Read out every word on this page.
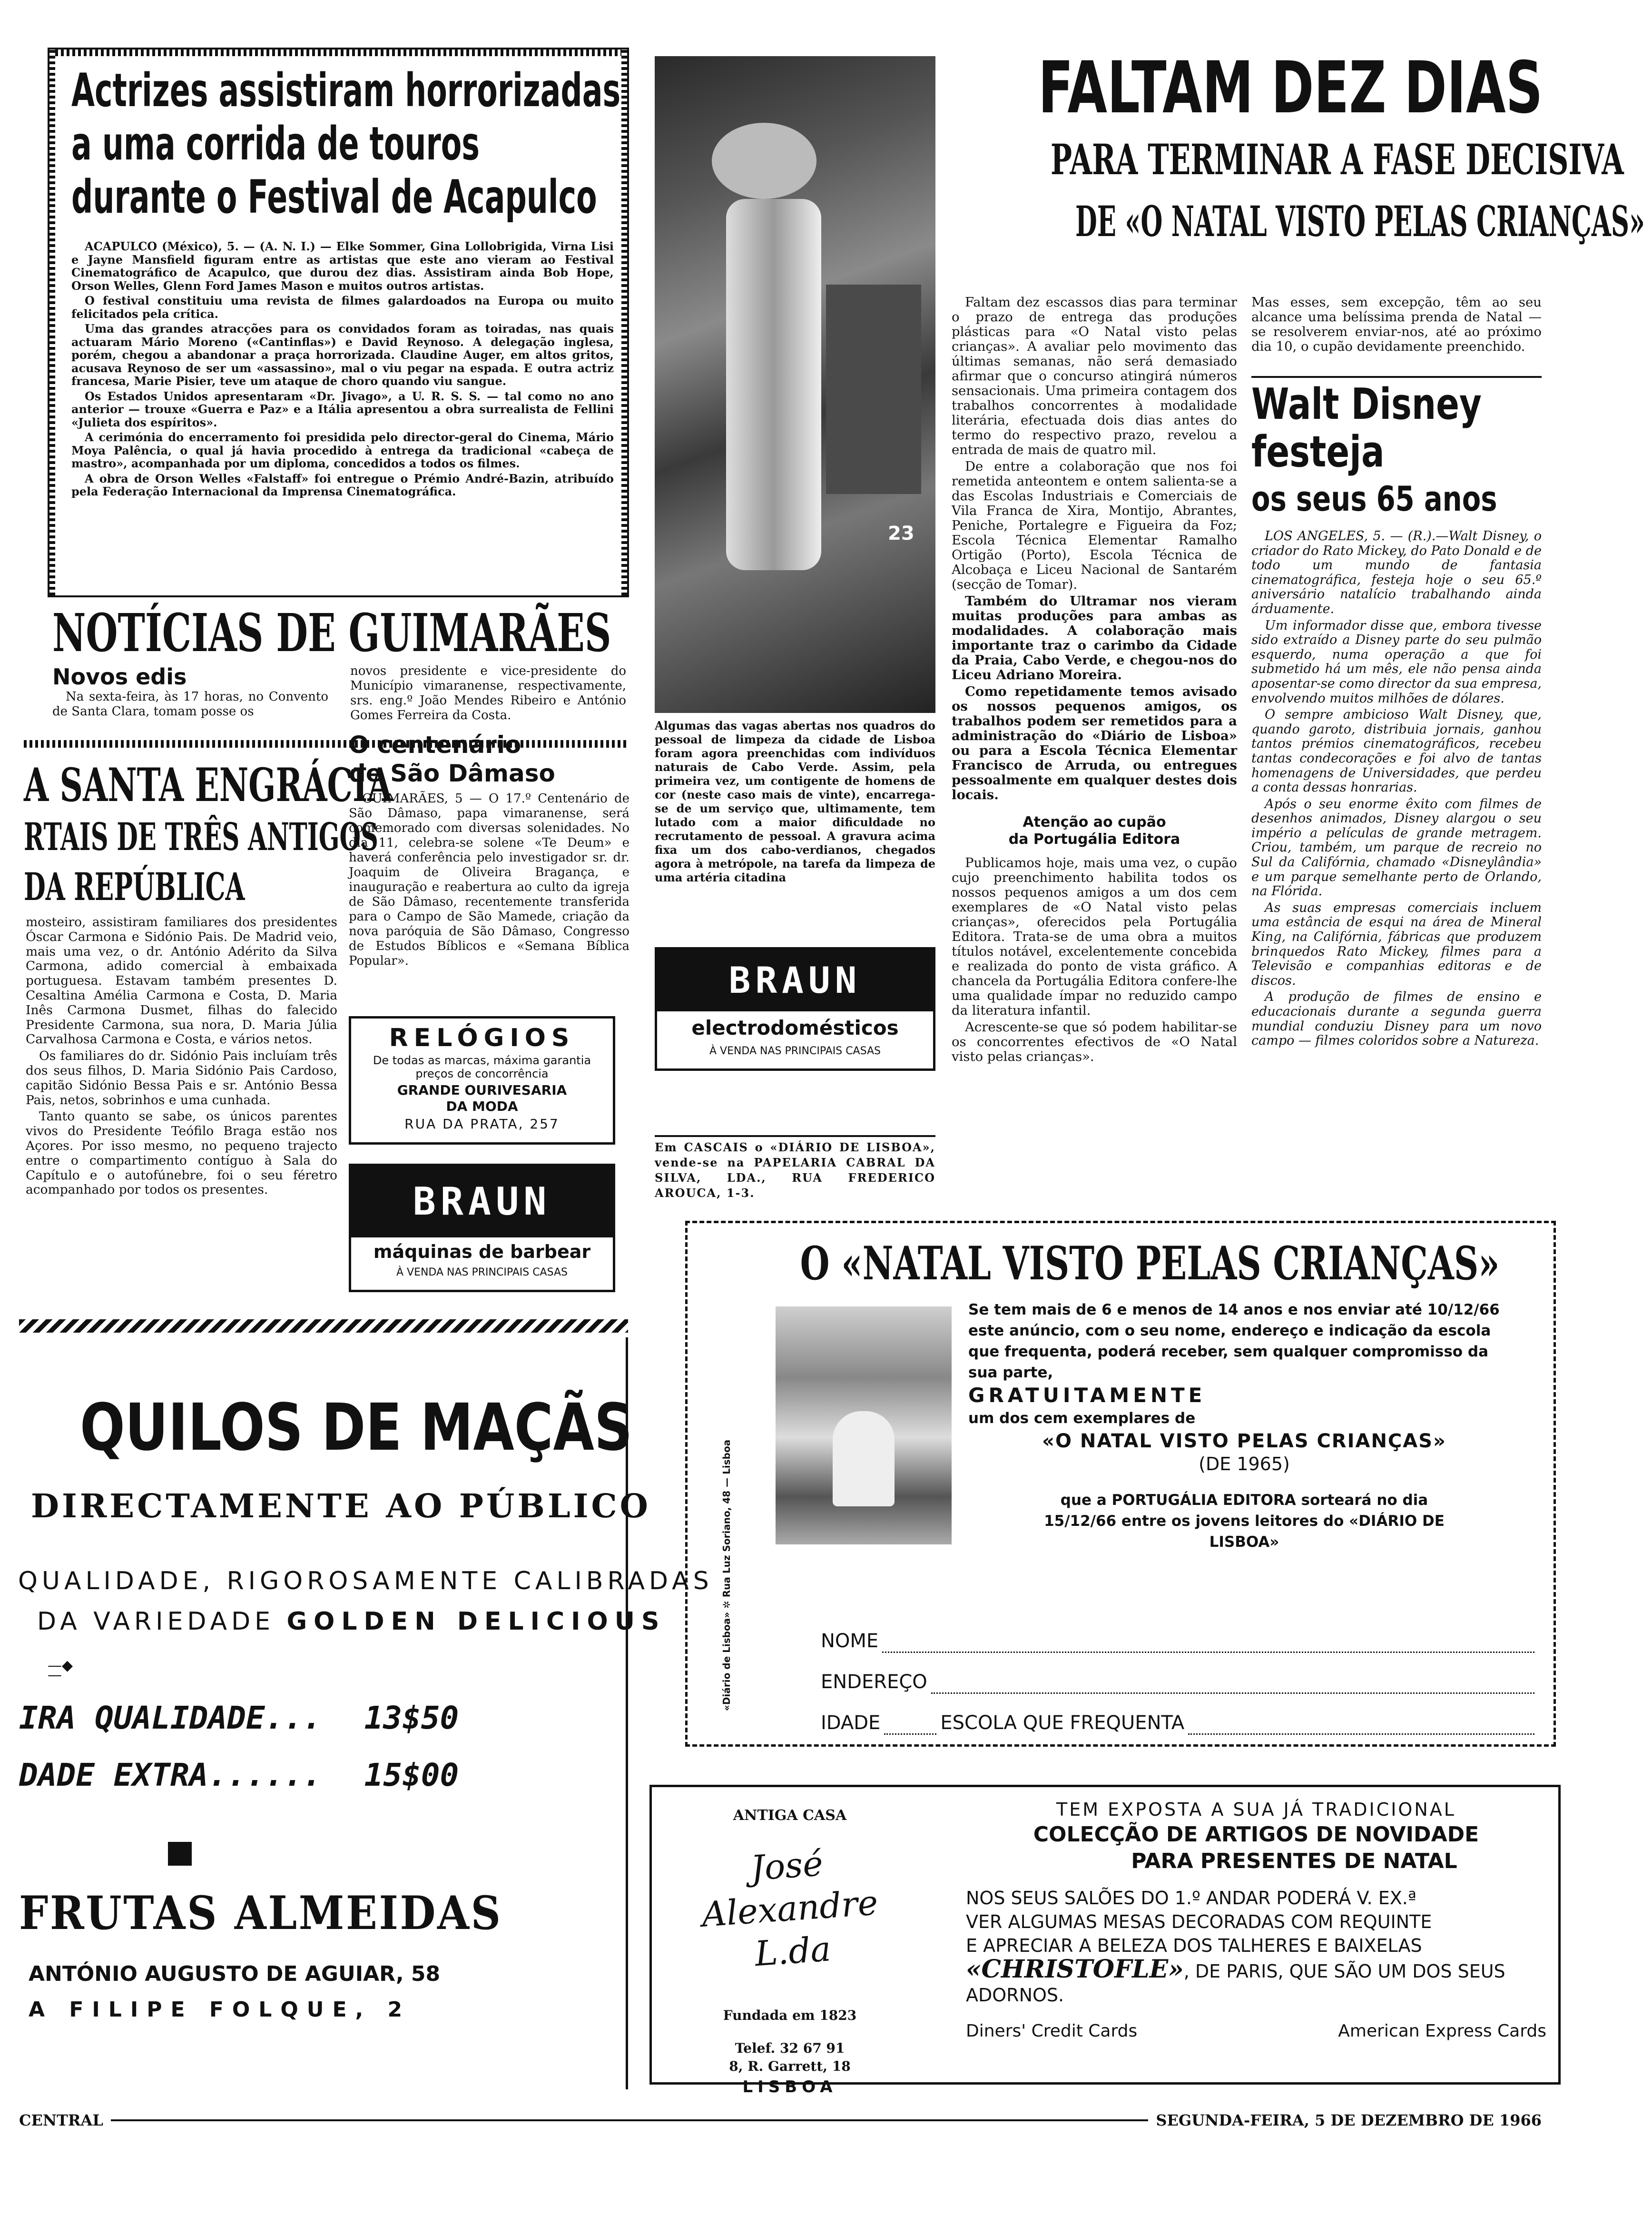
Actrizes assistiram horrorizadas
a uma corrida de touros
durante o Festival de Acapulco

ACAPULCO (México), 5. — (A. N. I.) — Elke Sommer, Gina Lollobrigida, Virna Lisi e Jayne Mansfield figuram entre as artistas que este ano vieram ao Festival Cinematográfico de Acapulco, que durou dez dias. Assistiram ainda Bob Hope, Orson Welles, Glenn Ford James Mason e muitos outros artistas.

O festival constituiu uma revista de filmes galardoados na Europa ou muito felicitados pela crítica.

Uma das grandes atracções para os convidados foram as toiradas, nas quais actuaram Mário Moreno («Cantinflas») e David Reynoso. A delegação inglesa, porém, chegou a abandonar a praça horrorizada. Claudine Auger, em altos gritos, acusava Reynoso de ser um «assassino», mal o viu pegar na espada. E outra actriz francesa, Marie Pisier, teve um ataque de choro quando viu sangue.

Os Estados Unidos apresentaram «Dr. Jivago», a U. R. S. S. — tal como no ano anterior — trouxe «Guerra e Paz» e a Itália apresentou a obra surrealista de Fellini «Julieta dos espíritos».

A cerimónia do encerramento foi presidida pelo director-geral do Cinema, Mário Moya Palência, o qual já havia procedido à entrega da tradicional «cabeça de mastro», acompanhada por um diploma, concedidos a todos os filmes.

A obra de Orson Welles «Falstaff» foi entregue o Prémio André-Bazin, atribuído pela Federação Internacional da Imprensa Cinematográfica.

NOTÍCIAS DE GUIMARÃES
Novos edis
Na sexta-feira, às 17 horas, no Convento de Santa Clara, tomam posse os
novos presidente e vice-presidente do Município vimaranense, respectivamente, srs. eng.º João Mendes Ribeiro e António Gomes Ferreira da Costa.
A SANTA ENGRÁCIA
RTAIS DE TRÊS ANTIGOS
DA REPÚBLICA

mosteiro, assistiram familiares dos presidentes Óscar Carmona e Sidónio Pais. De Madrid veio, mais uma vez, o dr. António Adérito da Silva Carmona, adido comercial à embaixada portuguesa. Estavam também presentes D. Cesaltina Amélia Carmona e Costa, D. Maria Inês Carmona Dusmet, filhas do falecido Presidente Carmona, sua nora, D. Maria Júlia Carvalhosa Carmona e Costa, e vários netos.

Os familiares do dr. Sidónio Pais incluíam três dos seus filhos, D. Maria Sidónio Pais Cardoso, capitão Sidónio Bessa Pais e sr. António Bessa Pais, netos, sobrinhos e uma cunhada.

Tanto quanto se sabe, os únicos parentes vivos do Presidente Teófilo Braga estão nos Açores. Por isso mesmo, no pequeno trajecto entre o compartimento contíguo à Sala do Capítulo e o autofúnebre, foi o seu féretro acompanhado por todos os presentes.

O centenário
de São Dâmaso
GUIMARÃES, 5 — O 17.º Centenário de São Dâmaso, papa vimaranense, será comemorado com diversas solenidades. No dia 11, celebra-se solene «Te Deum» e haverá conferência pelo investigador sr. dr. Joaquim de Oliveira Bragança, e inauguração e reabertura ao culto da igreja de São Dâmaso, recentemente transferida para o Campo de São Mamede, criação da nova paróquia de São Dâmaso, Congresso de Estudos Bíblicos e «Semana Bíblica Popular».
RELÓGIOS
De todas as marcas, máxima garantia preços de concorrência
GRANDE OURIVESARIA
DA MODA
RUA DA PRATA, 257
BRAUN
máquinas de barbear
À VENDA NAS PRINCIPAIS CASAS
23
Algumas das vagas abertas nos quadros do pessoal de limpeza da cidade de Lisboa foram agora preenchidas com indivíduos naturais de Cabo Verde. Assim, pela primeira vez, um contigente de homens de cor (neste caso mais de vinte), encarrega-se de um serviço que, ultimamente, tem lutado com a maior dificuldade no recrutamento de pessoal. A gravura acima fixa um dos cabo-verdianos, chegados agora à metrópole, na tarefa da limpeza de uma artéria citadina
BRAUN
electrodomésticos
À VENDA NAS PRINCIPAIS CASAS
Em CASCAIS o «DIÁRIO DE LISBOA», vende-se na PAPELARIA CABRAL DA SILVA, LDA., RUA FREDERICO AROUCA, 1-3.
FALTAM DEZ DIAS
PARA TERMINAR A FASE DECISIVA
DE «O NATAL VISTO PELAS CRIANÇAS»

Faltam dez escassos dias para terminar o prazo de entrega das produções plásticas para «O Natal visto pelas crianças». A avaliar pelo movimento das últimas semanas, não será demasiado afirmar que o concurso atingirá números sensacionais. Uma primeira contagem dos trabalhos concorrentes à modalidade literária, efectuada dois dias antes do termo do respectivo prazo, revelou a entrada de mais de quatro mil.

De entre a colaboração que nos foi remetida anteontem e ontem salienta-se a das Escolas Industriais e Comerciais de Vila Franca de Xira, Montijo, Abrantes, Peniche, Portalegre e Figueira da Foz; Escola Técnica Elementar Ramalho Ortigão (Porto), Escola Técnica de Alcobaça e Liceu Nacional de Santarém (secção de Tomar).

Também do Ultramar nos vieram muitas produções para ambas as modalidades. A colaboração mais importante traz o carimbo da Cidade da Praia, Cabo Verde, e chegou-nos do Liceu Adriano Moreira.

Como repetidamente temos avisado os nossos pequenos amigos, os trabalhos podem ser remetidos para a administração do «Diário de Lisboa» ou para a Escola Técnica Elementar Francisco de Arruda, ou entregues pessoalmente em qualquer destes dois locais.

Atenção ao cupão
da Portugália Editora

Publicamos hoje, mais uma vez, o cupão cujo preenchimento habilita todos os nossos pequenos amigos a um dos cem exemplares de «O Natal visto pelas crianças», oferecidos pela Portugália Editora. Trata-se de uma obra a muitos títulos notável, excelentemente concebida e realizada do ponto de vista gráfico. A chancela da Portugália Editora confere-lhe uma qualidade ímpar no reduzido campo da literatura infantil.

Acrescente-se que só podem habilitar-se os concorrentes efectivos de «O Natal visto pelas crianças».

Mas esses, sem excepção, têm ao seu alcance uma belíssima prenda de Natal — se resolverem enviar-nos, até ao próximo dia 10, o cupão devidamente preenchido.
Walt Disney
festeja
os seus 65 anos

LOS ANGELES, 5. — (R.).—Walt Disney, o criador do Rato Mickey, do Pato Donald e de todo um mundo de fantasia cinematográfica, festeja hoje o seu 65.º aniversário natalício trabalhando ainda árduamente.

Um informador disse que, embora tivesse sido extraído a Disney parte do seu pulmão esquerdo, numa operação a que foi submetido há um mês, ele não pensa ainda aposentar-se como director da sua empresa, envolvendo muitos milhões de dólares.

O sempre ambicioso Walt Disney, que, quando garoto, distribuia jornais, ganhou tantos prémios cinematográficos, recebeu tantas condecorações e foi alvo de tantas homenagens de Universidades, que perdeu a conta dessas honrarias.

Após o seu enorme êxito com filmes de desenhos animados, Disney alargou o seu império a películas de grande metragem. Criou, também, um parque de recreio no Sul da Califórnia, chamado «Disneylândia» e um parque semelhante perto de Orlando, na Flórida.

As suas empresas comerciais incluem uma estância de esqui na área de Mineral King, na Califórnia, fábricas que produzem brinquedos Rato Mickey, filmes para a Televisão e companhias editoras e de discos.

A produção de filmes de ensino e educacionais durante a segunda guerra mundial conduziu Disney para um novo campo — filmes coloridos sobre a Natureza.

QUILOS DE MAÇÃS
DIRECTAMENTE AO PÚBLICO
QUALIDADE, RIGOROSAMENTE CALIBRADAS
DA VARIEDADE GOLDEN DELICIOUS
—◆—
IRA QUALIDADE... 13$50
DADE EXTRA...... 15$00
FRUTAS ALMEIDAS
ANTÓNIO AUGUSTO DE AGUIAR, 58
A FILIPE FOLQUE, 2
O «NATAL VISTO PELAS CRIANÇAS»
«Diário de Lisboa» ✲ Rua Luz Soriano, 48 — Lisboa
Se tem mais de 6 e menos de 14 anos e nos enviar até 10/12/66 este anúncio, com o seu nome, endereço e indicação da escola que frequenta, poderá receber, sem qualquer compromisso da sua parte,
GRATUITAMENTE
um dos cem exemplares de
«O NATAL VISTO PELAS CRIANÇAS»
(DE 1965)
que a PORTUGÁLIA EDITORA sorteará no dia 15/12/66 entre os jovens leitores do «DIÁRIO DE LISBOA»
NOME
ENDEREÇO
IDADE	ESCOLA QUE FREQUENTA
ANTIGA CASA
José Alexandre L.da
Fundada em 1823
Telef. 32 67 91
8, R. Garrett, 18
LISBOA
TEM EXPOSTA A SUA JÁ TRADICIONAL
COLECÇÃO DE ARTIGOS DE NOVIDADE
PARA PRESENTES DE NATAL
NOS SEUS SALÕES DO 1.º ANDAR PODERÁ V. EX.ª
VER ALGUMAS MESAS DECORADAS COM REQUINTE
E APRECIAR A BELEZA DOS TALHERES E BAIXELAS
«CHRISTOFLE», DE PARIS, QUE SÃO UM DOS SEUS ADORNOS.
Diners' Credit Cards	American Express Cards
CENTRAL	SEGUNDA-FEIRA, 5 DE DEZEMBRO DE 1966
